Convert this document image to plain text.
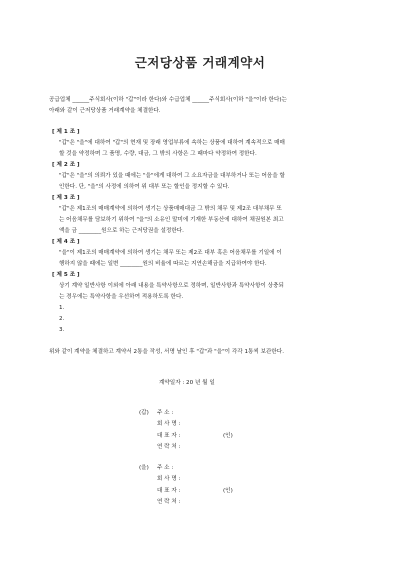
근저당상품 거래계약서
공급업체 ______주식회사(이하 "갑"이라 한다)와 수급업체 ______주식회사(이하 "을"이라 한다)는
아래와 같이 근저당상품 거래계약을 체결한다.
[ 제 1 조 ]
"갑"은 "을"에 대하여 "갑"의 현재 및 장래 영업부류에 속하는 상품에 대하여 계속적으로 매매
할 것을 약정하며 그 품명, 수량, 대금, 그 밖의 사항은 그 때마다 약정하여 정한다.
[ 제 2 조 ]
"갑"은 "을"의 의뢰가 있을 때에는 "을"에게 대하여 그 소요자금을 대부하거나 또는 어음을 할
인한다. 단, "을"의 사정에 의하여 위 대부 또는 할인을 정지할 수 있다.
[ 제 3 조 ]
"갑"은 제1조의 매매계약에 의하여 생기는 상품매매대금 그 밖의 채무 및 제2조 대부채무 또
는 어음채무를 담보하기 위하여 "을"의 소유인 말미에 기재한 부동산에 대하여 채권원본 최고
액을 금 ________원으로 하는 근저당권을 설정한다.
[ 제 4 조 ]
"을"이 제1조의 매매계약에 의하여 생기는 채무 또는 제2조 대부 혹은 어음채무를 기일에 이
행하지 않을 때에는 일변 ________원의 비율에 따르는 지연손해금을 지급하여야 한다.
[ 제 5 조 ]
상기 계약 일반사항 이외에 아래 내용을 특약사항으로 정하며, 일반사항과 특약사항이 상충되
는 경우에는 특약사항을 우선하여 적용하도록 한다.
1.
2.
3.
위와 같이 계약을 체결하고 계약서 2통을 작성, 서명 날인 후 "갑"과 "을"이 각각 1통씩 보관한다.
계약일자 : 20 년 월 일
(갑) 주 소 :
회 사 명 :
대 표 자 :	(인)
연 락 처 :
(을) 주 소 :
회 사 명 :
대 표 자 :	(인)
연 락 처 :
